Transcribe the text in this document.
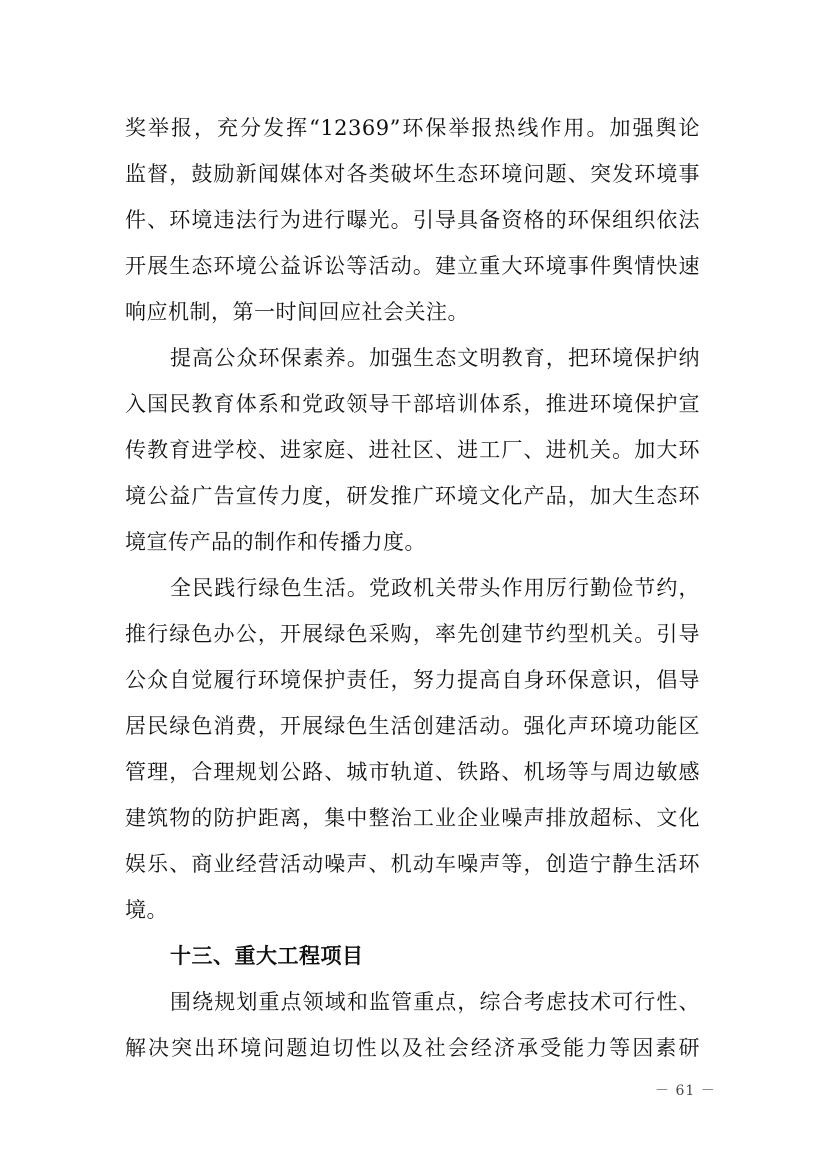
奖举报，充分发挥“12369”环保举报热线作用。加强舆论
监督，鼓励新闻媒体对各类破坏生态环境问题、突发环境事
件、环境违法行为进行曝光。引导具备资格的环保组织依法
开展生态环境公益诉讼等活动。建立重大环境事件舆情快速
响应机制，第一时间回应社会关注。
提高公众环保素养。加强生态文明教育，把环境保护纳
入国民教育体系和党政领导干部培训体系，推进环境保护宣
传教育进学校、进家庭、进社区、进工厂、进机关。加大环
境公益广告宣传力度，研发推广环境文化产品，加大生态环
境宣传产品的制作和传播力度。
全民践行绿色生活。党政机关带头作用厉行勤俭节约，
推行绿色办公，开展绿色采购，率先创建节约型机关。引导
公众自觉履行环境保护责任，努力提高自身环保意识，倡导
居民绿色消费，开展绿色生活创建活动。强化声环境功能区
管理，合理规划公路、城市轨道、铁路、机场等与周边敏感
建筑物的防护距离，集中整治工业企业噪声排放超标、文化
娱乐、商业经营活动噪声、机动车噪声等，创造宁静生活环
境。
十三、重大工程项目
围绕规划重点领域和监管重点，综合考虑技术可行性、
解决突出环境问题迫切性以及社会经济承受能力等因素研
－ 61 －
